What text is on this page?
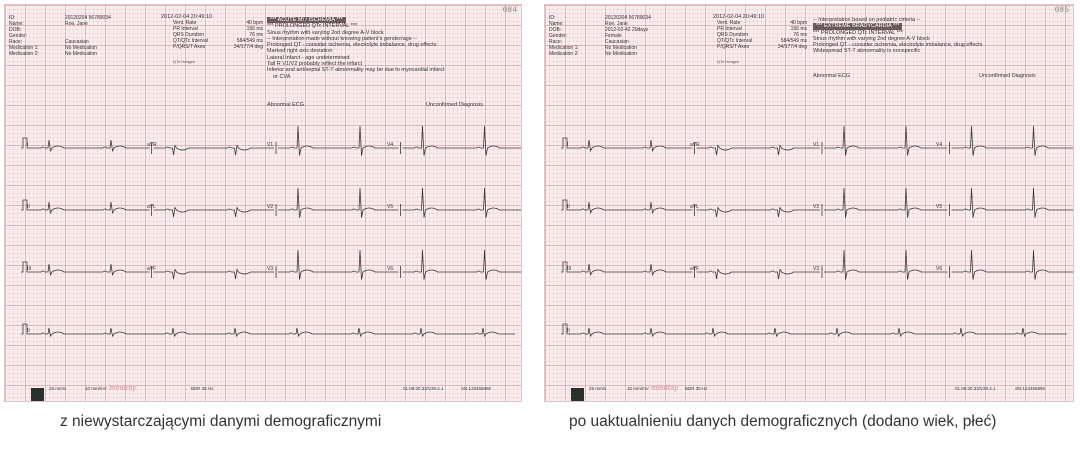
084
ID:	20120204 56789034
Name:	Roe, Jane
DOB:
Gender:
Race:	Caucasian
Medication 1:	No Medication
Medication 2:	No Medication
2012-02-04 20:49:10
Vent. Rate	40 bpm
PR Interval	156 ms
QRS Duration	76 ms
QT/QTc Interval	584/549 ms
P/QRS/T Axes	34/177/4 deg
QTc:Hodges
*** ACUTE MI / ISCHEMIA ***
*** PROLONGED QTc INTERVAL ***
Sinus rhythm with varying 2nd degree A-V block
-- Interpretation made without knowing patient's gender/age --
Prolonged QT - consider ischemia, electrolyte imbalance, drug effects
Marked right axis deviation
Lateral infarct - age undetermined
Tall R V1/V2 probably reflect the infarct
Inferior and ant/septal ST-T abnormality may be due to myocardial infarct
or CVA
Abnormal ECG	Unconfirmed Diagnosis.
I	aVR	V1	V4
II	aVL	V2	V5
III	aVF	V3	V6
II
25 mm/s	10 mm/mV mindray	BDR 35 Hz	01.09.00.33/V28.4.1	SN:123456890
085
ID:	20120204 56789034
Name:	Roe, Jane
DOB:	2012-02-42 20days
Gender:	Female
Race:	Caucasian
Medication 1:	No Medication
Medication 2:	No Medication
2012-02-04 20:49:10
Vent. Rate	40 bpm
PR Interval	156 ms
QRS Duration	76 ms
QT/QTc Interval	584/549 ms
P/QRS/T Axes	34/177/4 deg
QTc:Hodges
-- Interpretation based on pediatric criteria --
*** EXTREME BRADYCARDIA ***
*** PROLONGED QTc INTERVAL ***
Sinus rhythm with varying 2nd degree A-V block
Prolonged QT - consider ischemia, electrolyte imbalance, drug effects
Widespread ST-T abnormality is nonspecific
Abnormal ECG	Unconfirmed Diagnosis
I	aVR	V1	V4
II	aVL	V2	V5
III	aVF	V3	V6
II
25 mm/s	10 mm/mV mindray BDR 35 Hz	01.09.00.33/V28.4.1	SN:123456890
z niewystarczającymi danymi demograficznymi	po uaktualnieniu danych demograficznych (dodano wiek, płeć)
